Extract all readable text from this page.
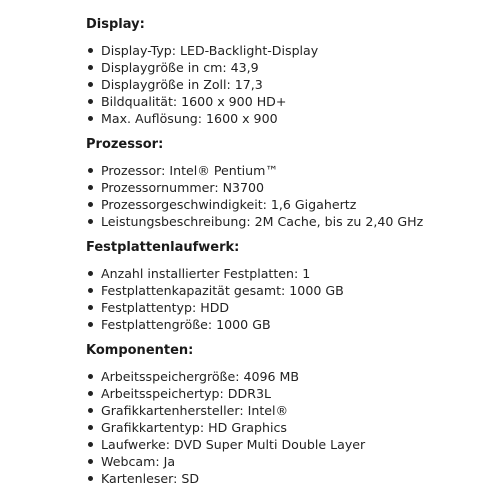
Display:
Display-Typ: LED-Backlight-Display
Displaygröße in cm: 43,9
Displaygröße in Zoll: 17,3
Bildqualität: 1600 x 900 HD+
Max. Auflösung: 1600 x 900
Prozessor:
Prozessor: Intel® Pentium™
Prozessornummer: N3700
Prozessorgeschwindigkeit: 1,6 Gigahertz
Leistungsbeschreibung: 2M Cache, bis zu 2,40 GHz
Festplattenlaufwerk:
Anzahl installierter Festplatten: 1
Festplattenkapazität gesamt: 1000 GB
Festplattentyp: HDD
Festplattengröße: 1000 GB
Komponenten:
Arbeitsspeichergröße: 4096 MB
Arbeitsspeichertyp: DDR3L
Grafikkartenhersteller: Intel®
Grafikkartentyp: HD Graphics
Laufwerke: DVD Super Multi Double Layer
Webcam: Ja
Kartenleser: SD
